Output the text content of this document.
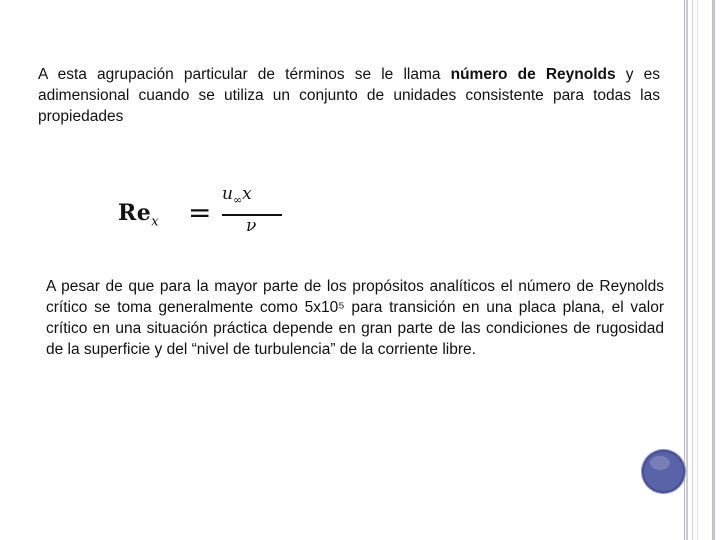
A esta agrupación particular de términos se le llama número de Reynolds y es adimensional cuando se utiliza un conjunto de unidades consistente para todas las propiedades

$Re_x$ =
$u_\infty x$
ν

A pesar de que para la mayor parte de los propósitos analíticos el número de Reynolds crítico se toma generalmente como 5x10⁵ para transición en una placa plana, el valor crítico en una situación práctica depende en gran parte de las condiciones de rugosidad de la superficie y del “nivel de turbulencia” de la corriente libre.
